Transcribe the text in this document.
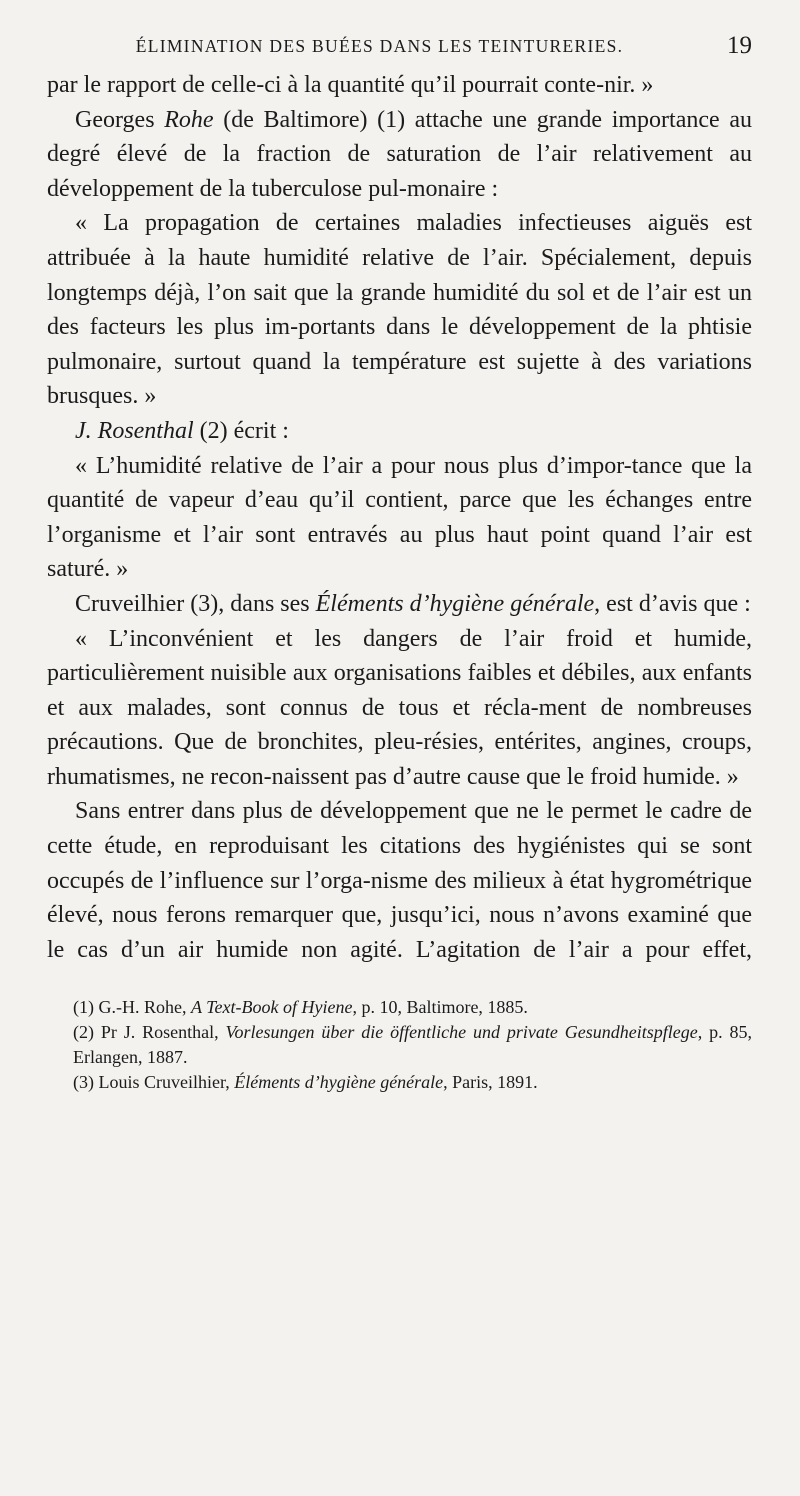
ÉLIMINATION DES BUÉES DANS LES TEINTURERIES.	19

par le rapport de celle-ci à la quantité qu’il pourrait conte-nir. »

Georges Rohe (de Baltimore) (1) attache une grande importance au degré élevé de la fraction de saturation de l’air relativement au développement de la tuberculose pul-monaire :

« La propagation de certaines maladies infectieuses aiguës est attribuée à la haute humidité relative de l’air. Spécialement, depuis longtemps déjà, l’on sait que la grande humidité du sol et de l’air est un des facteurs les plus im-portants dans le développement de la phtisie pulmonaire, surtout quand la température est sujette à des variations brusques. »

J. Rosenthal (2) écrit :

« L’humidité relative de l’air a pour nous plus d’impor-tance que la quantité de vapeur d’eau qu’il contient, parce que les échanges entre l’organisme et l’air sont entravés au plus haut point quand l’air est saturé. »

Cruveilhier (3), dans ses Éléments d’hygiène générale, est d’avis que :

« L’inconvénient et les dangers de l’air froid et humide, particulièrement nuisible aux organisations faibles et débiles, aux enfants et aux malades, sont connus de tous et récla-ment de nombreuses précautions. Que de bronchites, pleu-résies, entérites, angines, croups, rhumatismes, ne recon-naissent pas d’autre cause que le froid humide. »

Sans entrer dans plus de développement que ne le permet le cadre de cette étude, en reproduisant les citations des hygiénistes qui se sont occupés de l’influence sur l’orga-nisme des milieux à état hygrométrique élevé, nous ferons remarquer que, jusqu’ici, nous n’avons examiné que le cas d’un air humide non agité. L’agitation de l’air a pour effet,

(1) G.-H. Rohe, A Text-Book of Hyiene, p. 10, Baltimore, 1885.

(2) Pr J. Rosenthal, Vorlesungen über die öffentliche und private Gesundheitspflege, p. 85, Erlangen, 1887.

(3) Louis Cruveilhier, Éléments d’hygiène générale, Paris, 1891.
